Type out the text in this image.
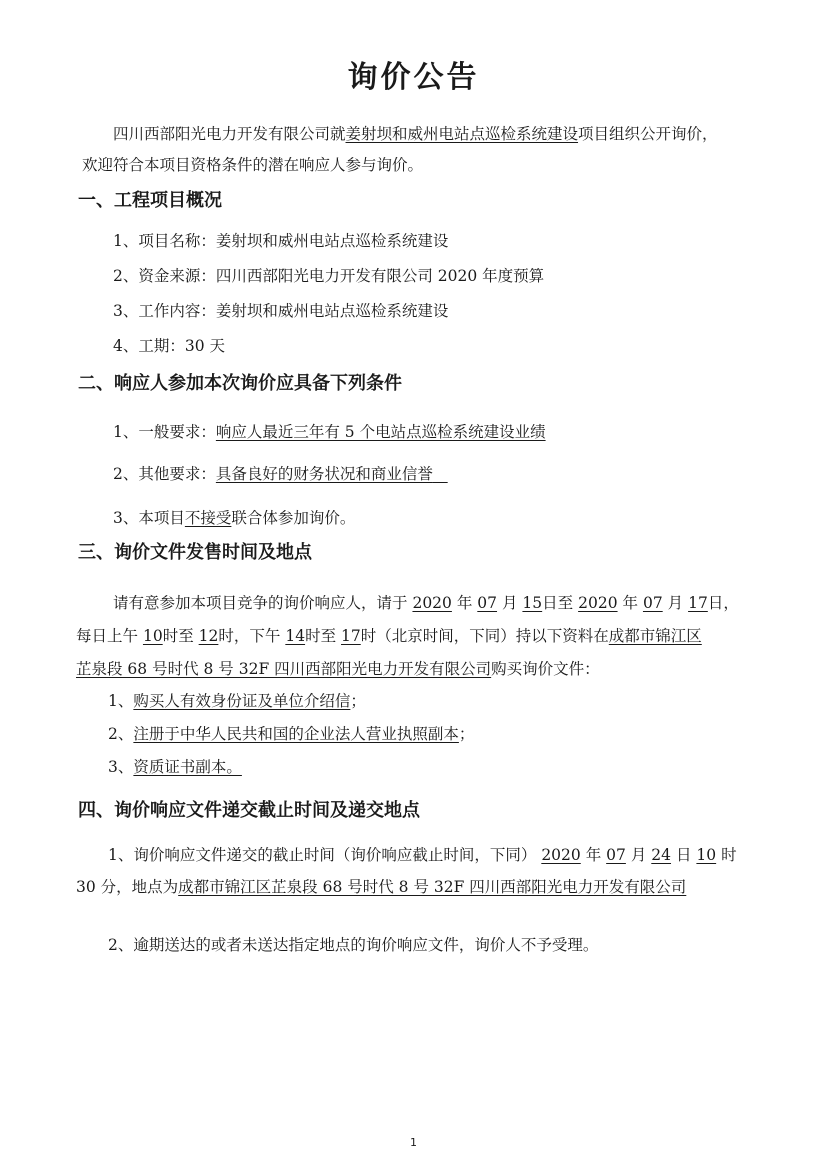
询价公告
四川西部阳光电力开发有限公司就姜射坝和威州电站点巡检系统建设项目组织公开询价，
欢迎符合本项目资格条件的潜在响应人参与询价。
一、工程项目概况
1、项目名称：姜射坝和威州电站点巡检系统建设
2、资金来源：四川西部阳光电力开发有限公司 2020 年度预算
3、工作内容：姜射坝和威州电站点巡检系统建设
4、工期：30 天
二、响应人参加本次询价应具备下列条件
1、一般要求：响应人最近三年有 5 个电站点巡检系统建设业绩
2、其他要求：具备良好的财务状况和商业信誉
3、本项目不接受联合体参加询价。
三、询价文件发售时间及地点
请有意参加本项目竞争的询价响应人，请于 2020 年 07 月 15日至 2020 年 07 月 17日，
每日上午 10时至 12时，下午 14时至 17时（北京时间，下同）持以下资料在成都市锦江区
芷泉段 68 号时代 8 号 32F 四川西部阳光电力开发有限公司购买询价文件：
1、购买人有效身份证及单位介绍信；
2、注册于中华人民共和国的企业法人营业执照副本；
3、资质证书副本。
四、询价响应文件递交截止时间及递交地点
1、询价响应文件递交的截止时间（询价响应截止时间，下同） 2020 年 07 月 24 日 10 时
30 分，地点为成都市锦江区芷泉段 68 号时代 8 号 32F 四川西部阳光电力开发有限公司
2、逾期送达的或者未送达指定地点的询价响应文件，询价人不予受理。
1
